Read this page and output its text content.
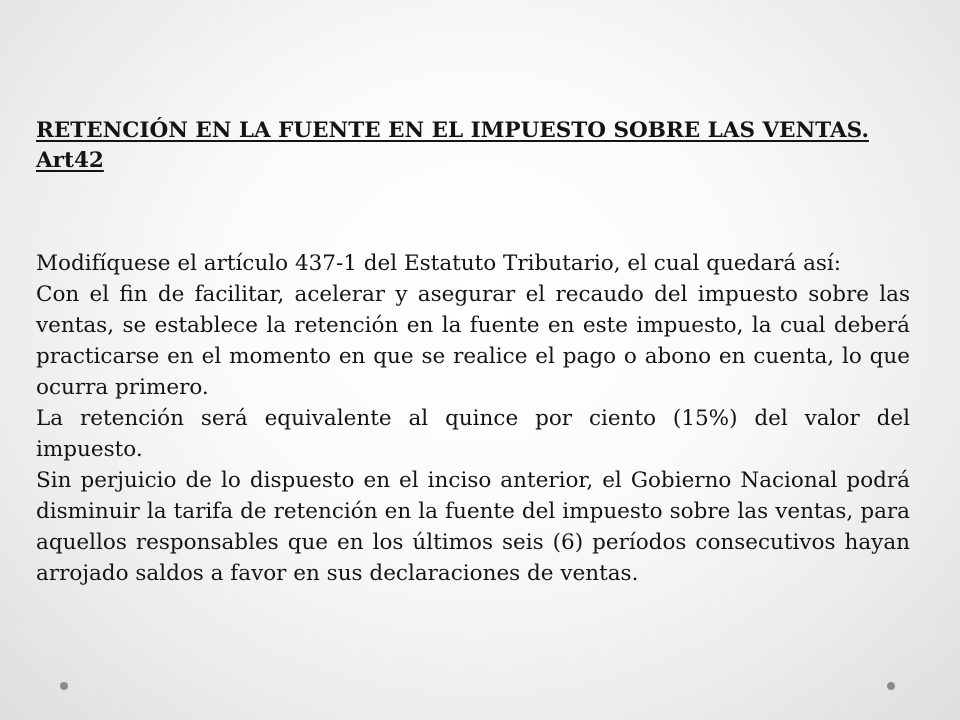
RETENCIÓN EN LA FUENTE EN EL IMPUESTO SOBRE LAS VENTAS. Art42

Modifíquese el artículo 437-1 del Estatuto Tributario, el cual quedará así:

Con el fin de facilitar, acelerar y asegurar el recaudo del impuesto sobre las ventas, se establece la retención en la fuente en este impuesto, la cual deberá practicarse en el momento en que se realice el pago o abono en cuenta, lo que ocurra primero.

La retención será equivalente al quince por ciento (15%) del valor del impuesto.

Sin perjuicio de lo dispuesto en el inciso anterior, el Gobierno Nacional podrá disminuir la tarifa de retención en la fuente del impuesto sobre las ventas, para aquellos responsables que en los últimos seis (6) períodos consecutivos hayan arrojado saldos a favor en sus declaraciones de ventas.
